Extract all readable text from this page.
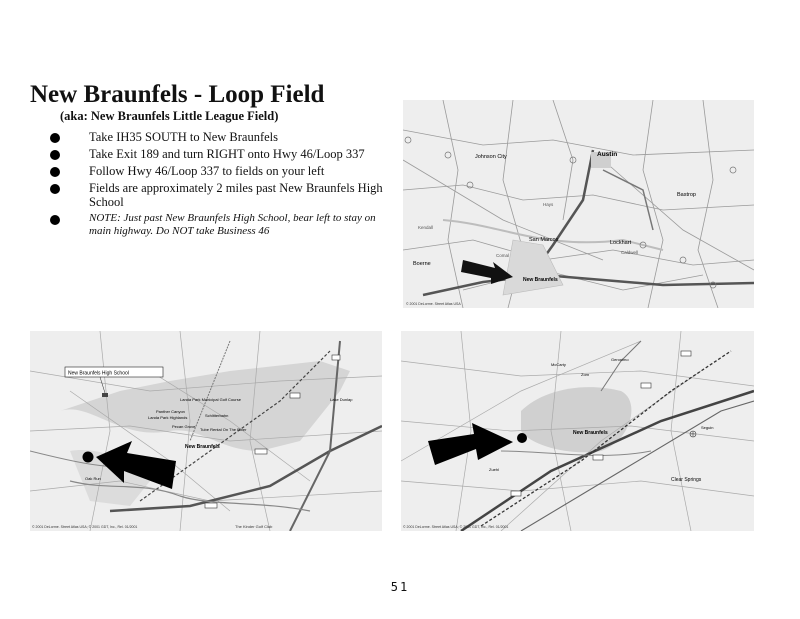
New Braunfels - Loop Field
(aka: New Braunfels Little League Field)
Take IH35 SOUTH to New Braunfels
Take Exit 189 and turn RIGHT onto Hwy 46/Loop 337
Follow Hwy 46/Loop 337 to fields on your left
Fields are approximately 2 miles past New Braunfels High School
NOTE: Just past New Braunfels High School, bear left to stay on main highway. Do NOT take Business 46
Johnson City	Austin
Bastrop
San Marcos	Lockhart
Boerne
New Braunfels
Hays
Kendall
Caldwell
Comal
© 2001 DeLorme. Street Atlas USA
New Braunfels High School
New Braunfels
Landa Park Highlands
Landa Park Municipal Golf Course
Pecan Grove
Schlitterbahn
Lake Dunlap
Tube Rental On The River
Panther Canyon
Oak Run
© 2001 DeLorme. Street Atlas USA; © 2001 GDT, Inc., Rel. 01/2001	The Kinder Golf Club
New Braunfels
Clear Springs
Zorn
Geronimo
McCarty
Seguin
Zuehl
© 2001 DeLorme. Street Atlas USA; © 2001 GDT, Inc., Rel. 01/2001
51
